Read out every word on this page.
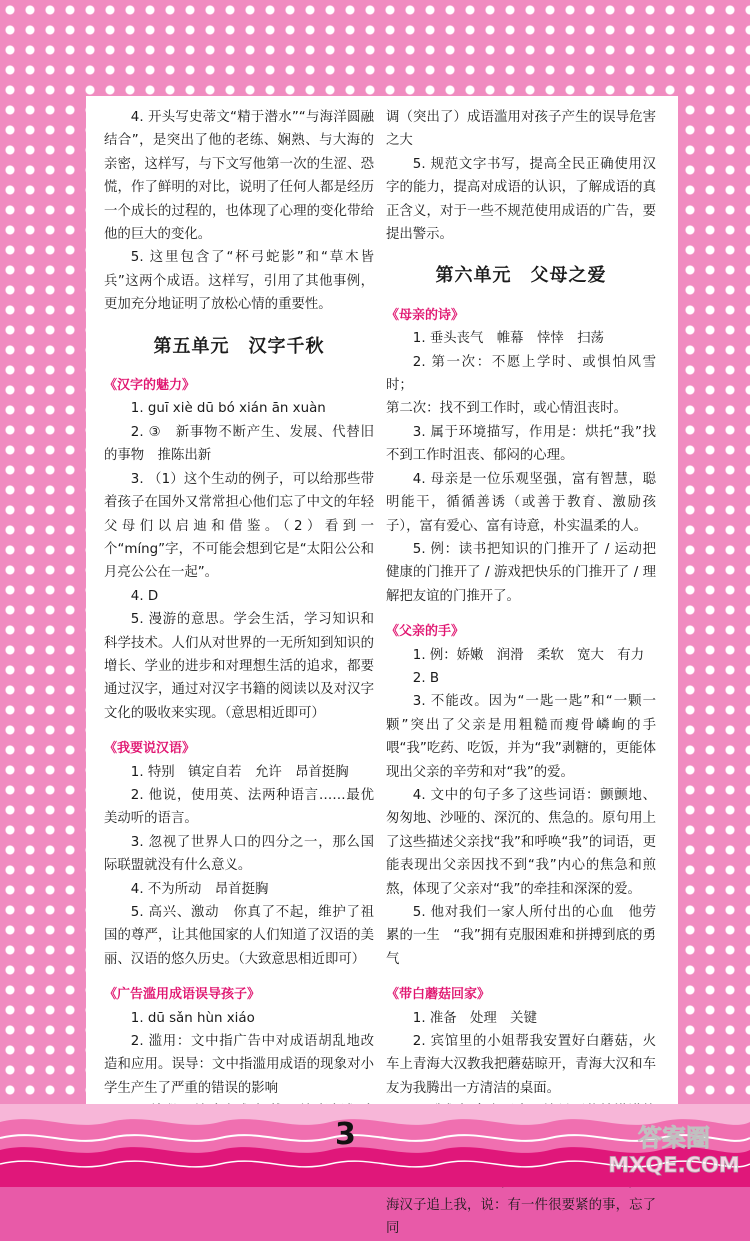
4. 开头写史蒂文“精于潜水”“与海洋圆融结合”，是突出了他的老练、娴熟、与大海的亲密，这样写，与下文写他第一次的生涩、恐慌，作了鲜明的对比，说明了任何人都是经历一个成长的过程的，也体现了心理的变化带给他的巨大的变化。

5. 这里包含了“杯弓蛇影”和“草木皆兵”这两个成语。这样写，引用了其他事例，更加充分地证明了放松心情的重要性。

第五单元　汉字千秋
《汉字的魅力》

1. guī xiè dū bó xián ān xuàn

2. ③　新事物不断产生、发展、代替旧的事物　推陈出新

3. （1）这个生动的例子，可以给那些带着孩子在国外又常常担心他们忘了中文的年轻父母们以启迪和借鉴。（2）看到一个“míng”字，不可能会想到它是“太阳公公和月亮公公在一起”。

4. D

5. 漫游的意思。学会生活，学习知识和科学技术。人们从对世界的一无所知到知识的增长、学业的进步和对理想生活的追求，都要通过汉字，通过对汉字书籍的阅读以及对汉字文化的吸收来实现。（意思相近即可）

《我要说汉语》

1. 特别　镇定自若　允许　昂首挺胸

2. 他说，使用英、法两种语言……最优美动听的语言。

3. 忽视了世界人口的四分之一，那么国际联盟就没有什么意义。

4. 不为所动　昂首挺胸

5. 高兴、激动　你真了不起，维护了祖国的尊严，让其他国家的人们知道了汉语的美丽、汉语的悠久历史。（大致意思相近即可）

《广告滥用成语误导孩子》

1. dū sǎn hùn xiáo

2. 滥用：文中指广告中对成语胡乱地改造和应用。误导：文中指滥用成语的现象对小学生产生了严重的错误的影响

调（突出了）成语滥用对孩子产生的误导危害之大

5. 规范文字书写，提高全民正确使用汉字的能力，提高对成语的认识，了解成语的真正含义，对于一些不规范使用成语的广告，要提出警示。

第六单元　父母之爱
《母亲的诗》

1. 垂头丧气　帷幕　悻悻　扫荡

2. 第一次：不愿上学时、或惧怕风雪时；

第二次：找不到工作时，或心情沮丧时。

3. 属于环境描写，作用是：烘托“我”找不到工作时沮丧、郁闷的心理。

4. 母亲是一位乐观坚强，富有智慧，聪明能干，循循善诱（或善于教育、激励孩子），富有爱心、富有诗意，朴实温柔的人。

5. 例：读书把知识的门推开了 / 运动把健康的门推开了 / 游戏把快乐的门推开了 / 理解把友谊的门推开了。

《父亲的手》

1. 例：娇嫩　润滑　柔软　宽大　有力

2. B

3. 不能改。因为“一匙一匙”和“一颗一颗”突出了父亲是用粗糙而瘦骨嶙峋的手喂“我”吃药、吃饭，并为“我”剥糖的，更能体现出父亲的辛劳和对“我”的爱。

4. 文中的句子多了这些词语：颤颤地、匆匆地、沙哑的、深沉的、焦急的。原句用上了这些描述父亲找“我”和呼唤“我”的词语，更能表现出父亲因找不到“我”内心的焦急和煎熬，体现了父亲对“我”的牵挂和深深的爱。

5. 他对我们一家人所付出的心血　他劳累的一生　“我”拥有克服困难和拼搏到底的勇气

《带白蘑菇回家》

1. 准备　处理　关键

2. 宾馆里的小姐帮我安置好白蘑菇，火车上青海大汉教我把蘑菇晾开，青海大汉和车友为我腾出一方清洁的桌面。

海汉子追上我，说：有一件很要紧的事，忘了同

3	答案圈
MXQE.COM
